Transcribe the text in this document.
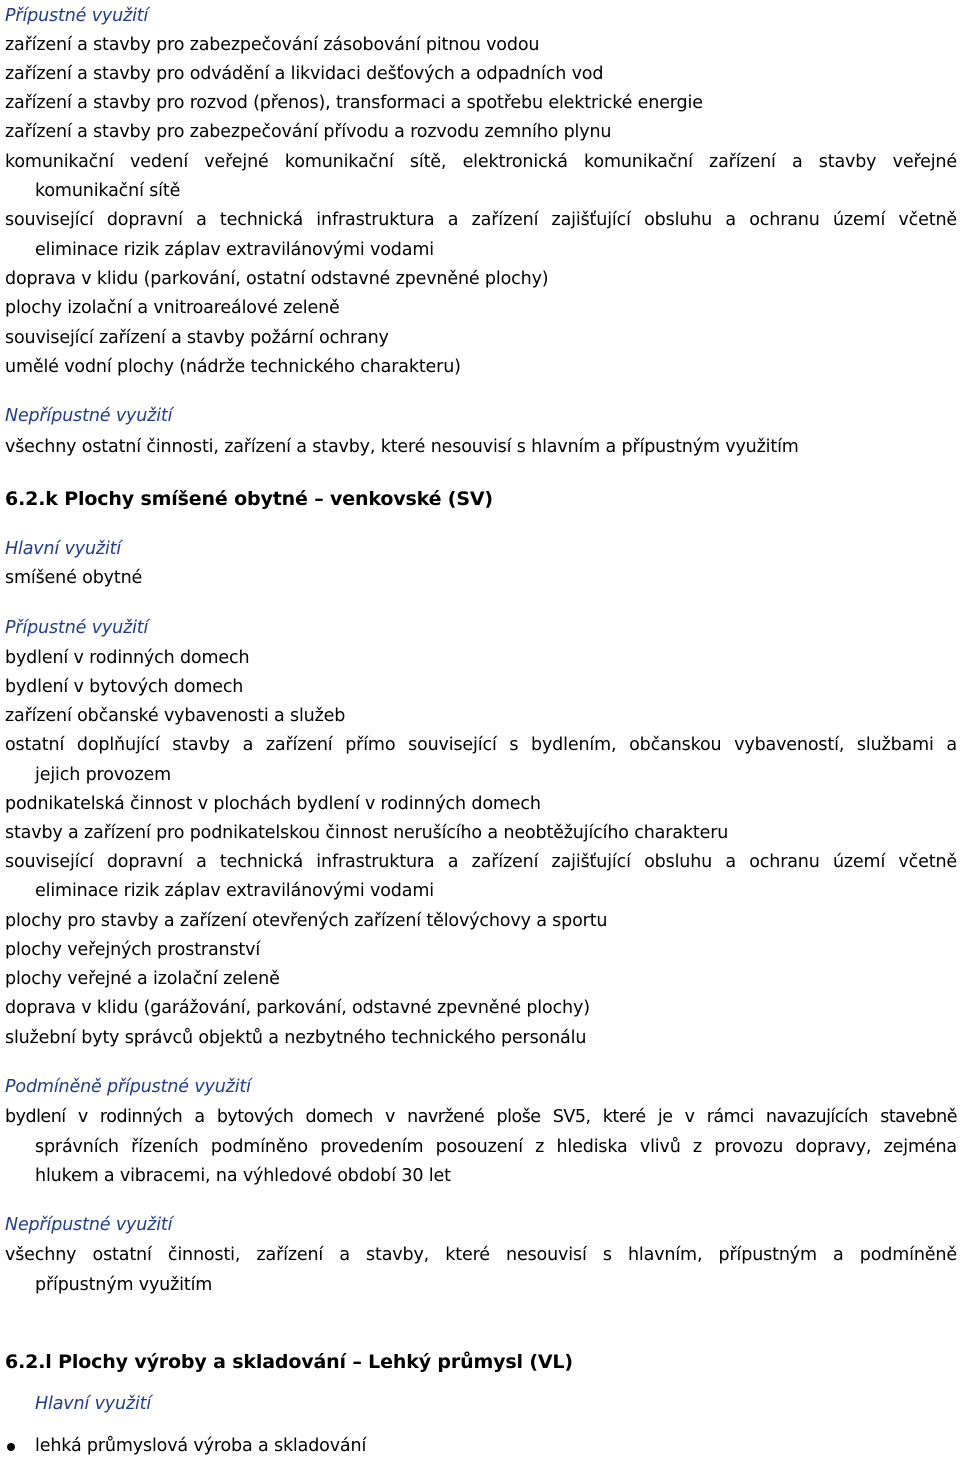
Přípustné využití
zařízení a stavby pro zabezpečování zásobování pitnou vodou
zařízení a stavby pro odvádění a likvidaci dešťových a odpadních vod
zařízení a stavby pro rozvod (přenos), transformaci a spotřebu elektrické energie
zařízení a stavby pro zabezpečování přívodu a rozvodu zemního plynu
komunikační vedení veřejné komunikační sítě, elektronická komunikační zařízení a stavby veřejné
komunikační sítě
související dopravní a technická infrastruktura a zařízení zajišťující obsluhu a ochranu území včetně
eliminace rizik záplav extravilánovými vodami
doprava v klidu (parkování, ostatní odstavné zpevněné plochy)
plochy izolační a vnitroareálové zeleně
související zařízení a stavby požární ochrany
umělé vodní plochy (nádrže technického charakteru)
Nepřípustné využití
všechny ostatní činnosti, zařízení a stavby, které nesouvisí s hlavním a přípustným využitím
6.2.k Plochy smíšené obytné – venkovské (SV)
Hlavní využití
smíšené obytné
Přípustné využití
bydlení v rodinných domech
bydlení v bytových domech
zařízení občanské vybavenosti a služeb
ostatní doplňující stavby a zařízení přímo související s bydlením, občanskou vybaveností, službami a
jejich provozem
podnikatelská činnost v plochách bydlení v rodinných domech
stavby a zařízení pro podnikatelskou činnost nerušícího a neobtěžujícího charakteru
související dopravní a technická infrastruktura a zařízení zajišťující obsluhu a ochranu území včetně
eliminace rizik záplav extravilánovými vodami
plochy pro stavby a zařízení otevřených zařízení tělovýchovy a sportu
plochy veřejných prostranství
plochy veřejné a izolační zeleně
doprava v klidu (garážování, parkování, odstavné zpevněné plochy)
služební byty správců objektů a nezbytného technického personálu
Podmíněně přípustné využití
bydlení v rodinných a bytových domech v navržené ploše SV5, které je v rámci navazujících stavebně
správních řízeních podmíněno provedením posouzení z hlediska vlivů z provozu dopravy, zejména
hlukem a vibracemi, na výhledové období 30 let
Nepřípustné využití
všechny ostatní činnosti, zařízení a stavby, které nesouvisí s hlavním, přípustným a podmíněně
přípustným využitím
6.2.l Plochy výroby a skladování – Lehký průmysl (VL)
Hlavní využití
lehká průmyslová výroba a skladování
